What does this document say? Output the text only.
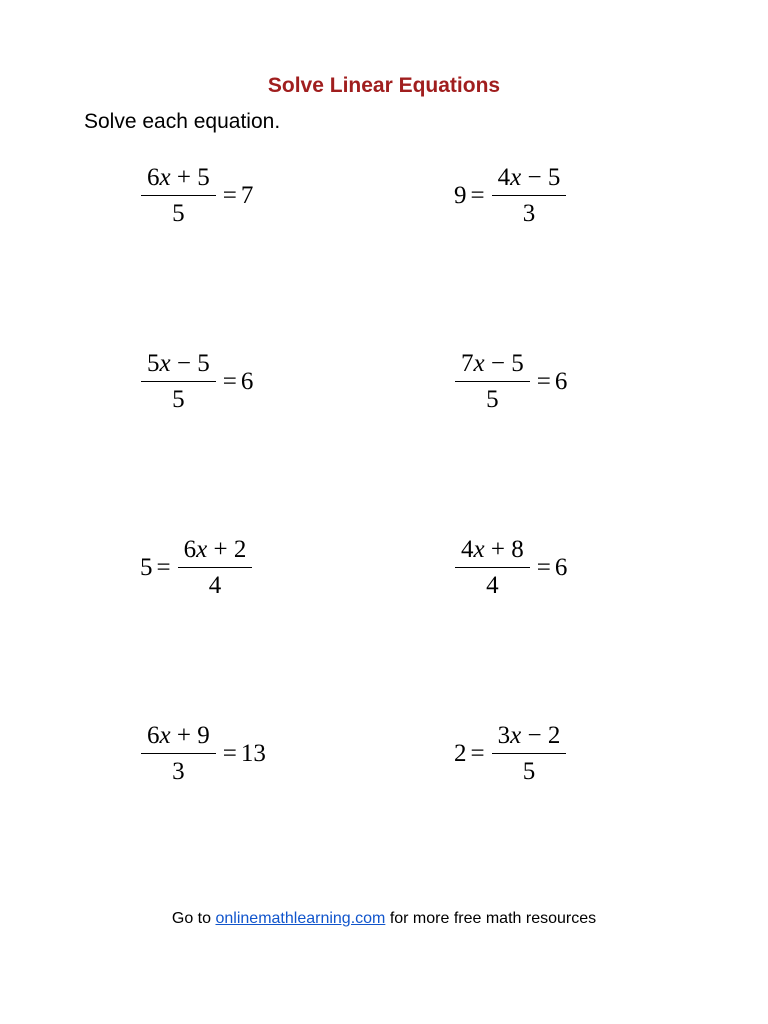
Solve Linear Equations
Solve each equation.
$\frac{6x + 5}{5} = 7$	$9 = \frac{4x - 5}{3}$
$\frac{5x - 5}{5} = 6$	$\frac{7x - 5}{5} = 6$
$5 = \frac{6x + 2}{4}$	$\frac{4x + 8}{4} = 6$
$\frac{6x + 9}{3} = 13$	$2 = \frac{3x - 2}{5}$
Go to onlinemathlearning.com for more free math resources
